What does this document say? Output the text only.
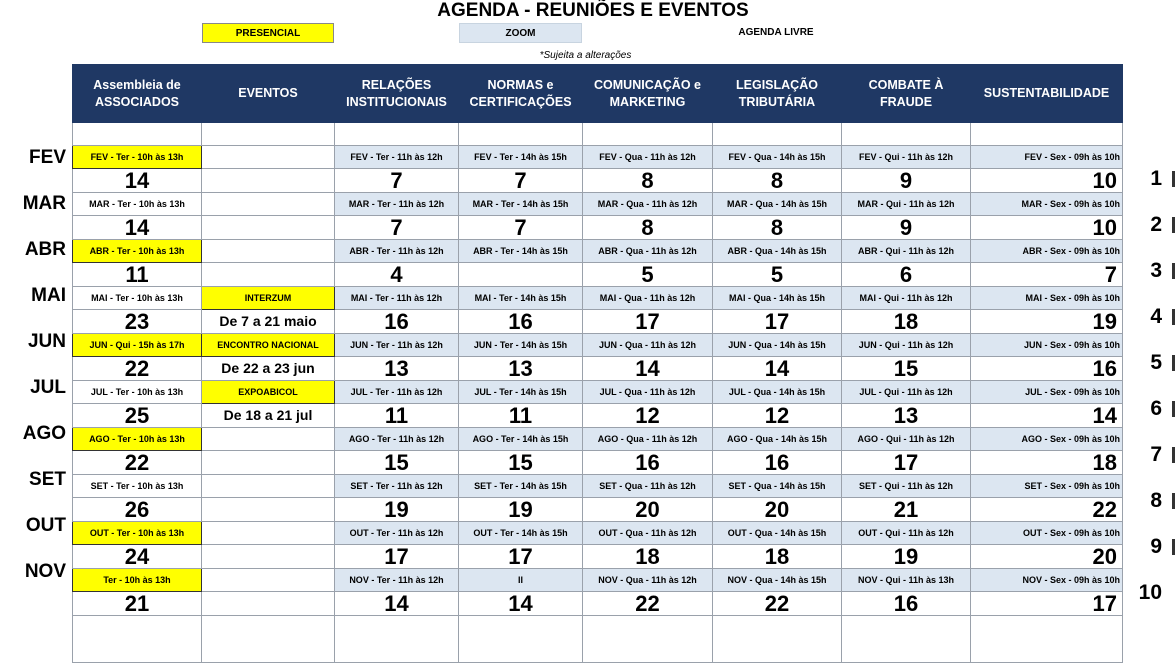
AGENDA - REUNIÕES E EVENTOS
PRESENCIAL	ZOOM	AGENDA LIVRE
*Sujeita a alterações
Assembleia de ASSOCIADOS	EVENTOS	RELAÇÕES INSTITUCIONAIS	NORMAS e CERTIFICAÇÕES	COMUNICAÇÃO e MARKETING	LEGISLAÇÃO TRIBUTÁRIA	COMBATE À FRAUDE	SUSTENTABILIDADE

FEV - Ter - 10h às 13h		FEV - Ter - 11h às 12h	FEV - Ter - 14h às 15h	FEV - Qua - 11h às 12h	FEV - Qua - 14h às 15h	FEV - Qui - 11h às 12h	FEV - Sex - 09h às 10h

14		7	7	8	8	9	10

MAR - Ter - 10h às 13h		MAR - Ter - 11h às 12h	MAR - Ter - 14h às 15h	MAR - Qua - 11h às 12h	MAR - Qua - 14h às 15h	MAR - Qui - 11h às 12h	MAR - Sex - 09h às 10h

14		7	7	8	8	9	10

ABR - Ter - 10h às 13h		ABR - Ter - 11h às 12h	ABR - Ter - 14h às 15h	ABR - Qua - 11h às 12h	ABR - Qua - 14h às 15h	ABR - Qui - 11h às 12h	ABR - Sex - 09h às 10h

11		4		5	5	6	7

MAI - Ter - 10h às 13h	INTERZUM	MAI - Ter - 11h às 12h	MAI - Ter - 14h às 15h	MAI - Qua - 11h às 12h	MAI - Qua - 14h às 15h	MAI - Qui - 11h às 12h	MAI - Sex - 09h às 10h

23	De 7 a 21 maio	16	16	17	17	18	19

JUN - Qui - 15h às 17h	ENCONTRO NACIONAL	JUN - Ter - 11h às 12h	JUN - Ter - 14h às 15h	JUN - Qua - 11h às 12h	JUN - Qua - 14h às 15h	JUN - Qui - 11h às 12h	JUN - Sex - 09h às 10h

22	De 22 a 23 jun	13	13	14	14	15	16

JUL - Ter - 10h às 13h	EXPOABICOL	JUL - Ter - 11h às 12h	JUL - Ter - 14h às 15h	JUL - Qua - 11h às 12h	JUL - Qua - 14h às 15h	JUL - Qui - 11h às 12h	JUL - Sex - 09h às 10h

25	De 18 a 21 jul	11	11	12	12	13	14

AGO - Ter - 10h às 13h		AGO - Ter - 11h às 12h	AGO - Ter - 14h às 15h	AGO - Qua - 11h às 12h	AGO - Qua - 14h às 15h	AGO - Qui - 11h às 12h	AGO - Sex - 09h às 10h

22		15	15	16	16	17	18

SET - Ter - 10h às 13h		SET - Ter - 11h às 12h	SET - Ter - 14h às 15h	SET - Qua - 11h às 12h	SET - Qua - 14h às 15h	SET - Qui - 11h às 12h	SET - Sex - 09h às 10h

26		19	19	20	20	21	22

OUT - Ter - 10h às 13h		OUT - Ter - 11h às 12h	OUT - Ter - 14h às 15h	OUT - Qua - 11h às 12h	OUT - Qua - 14h às 15h	OUT - Qui - 11h às 12h	OUT - Sex - 09h às 10h

24		17	17	18	18	19	20

Ter - 10h às 13h		NOV - Ter - 11h às 12h	II	NOV - Qua - 11h às 12h	NOV - Qua - 14h às 15h	NOV - Qui - 11h às 13h	NOV - Sex - 09h às 10h

21		14	14	22	22	16	17

FEV
1
MAR
2
ABR
3
MAI
4
JUN
5
JUL
6
AGO
7
SET
8
OUT
9
NOV
10
